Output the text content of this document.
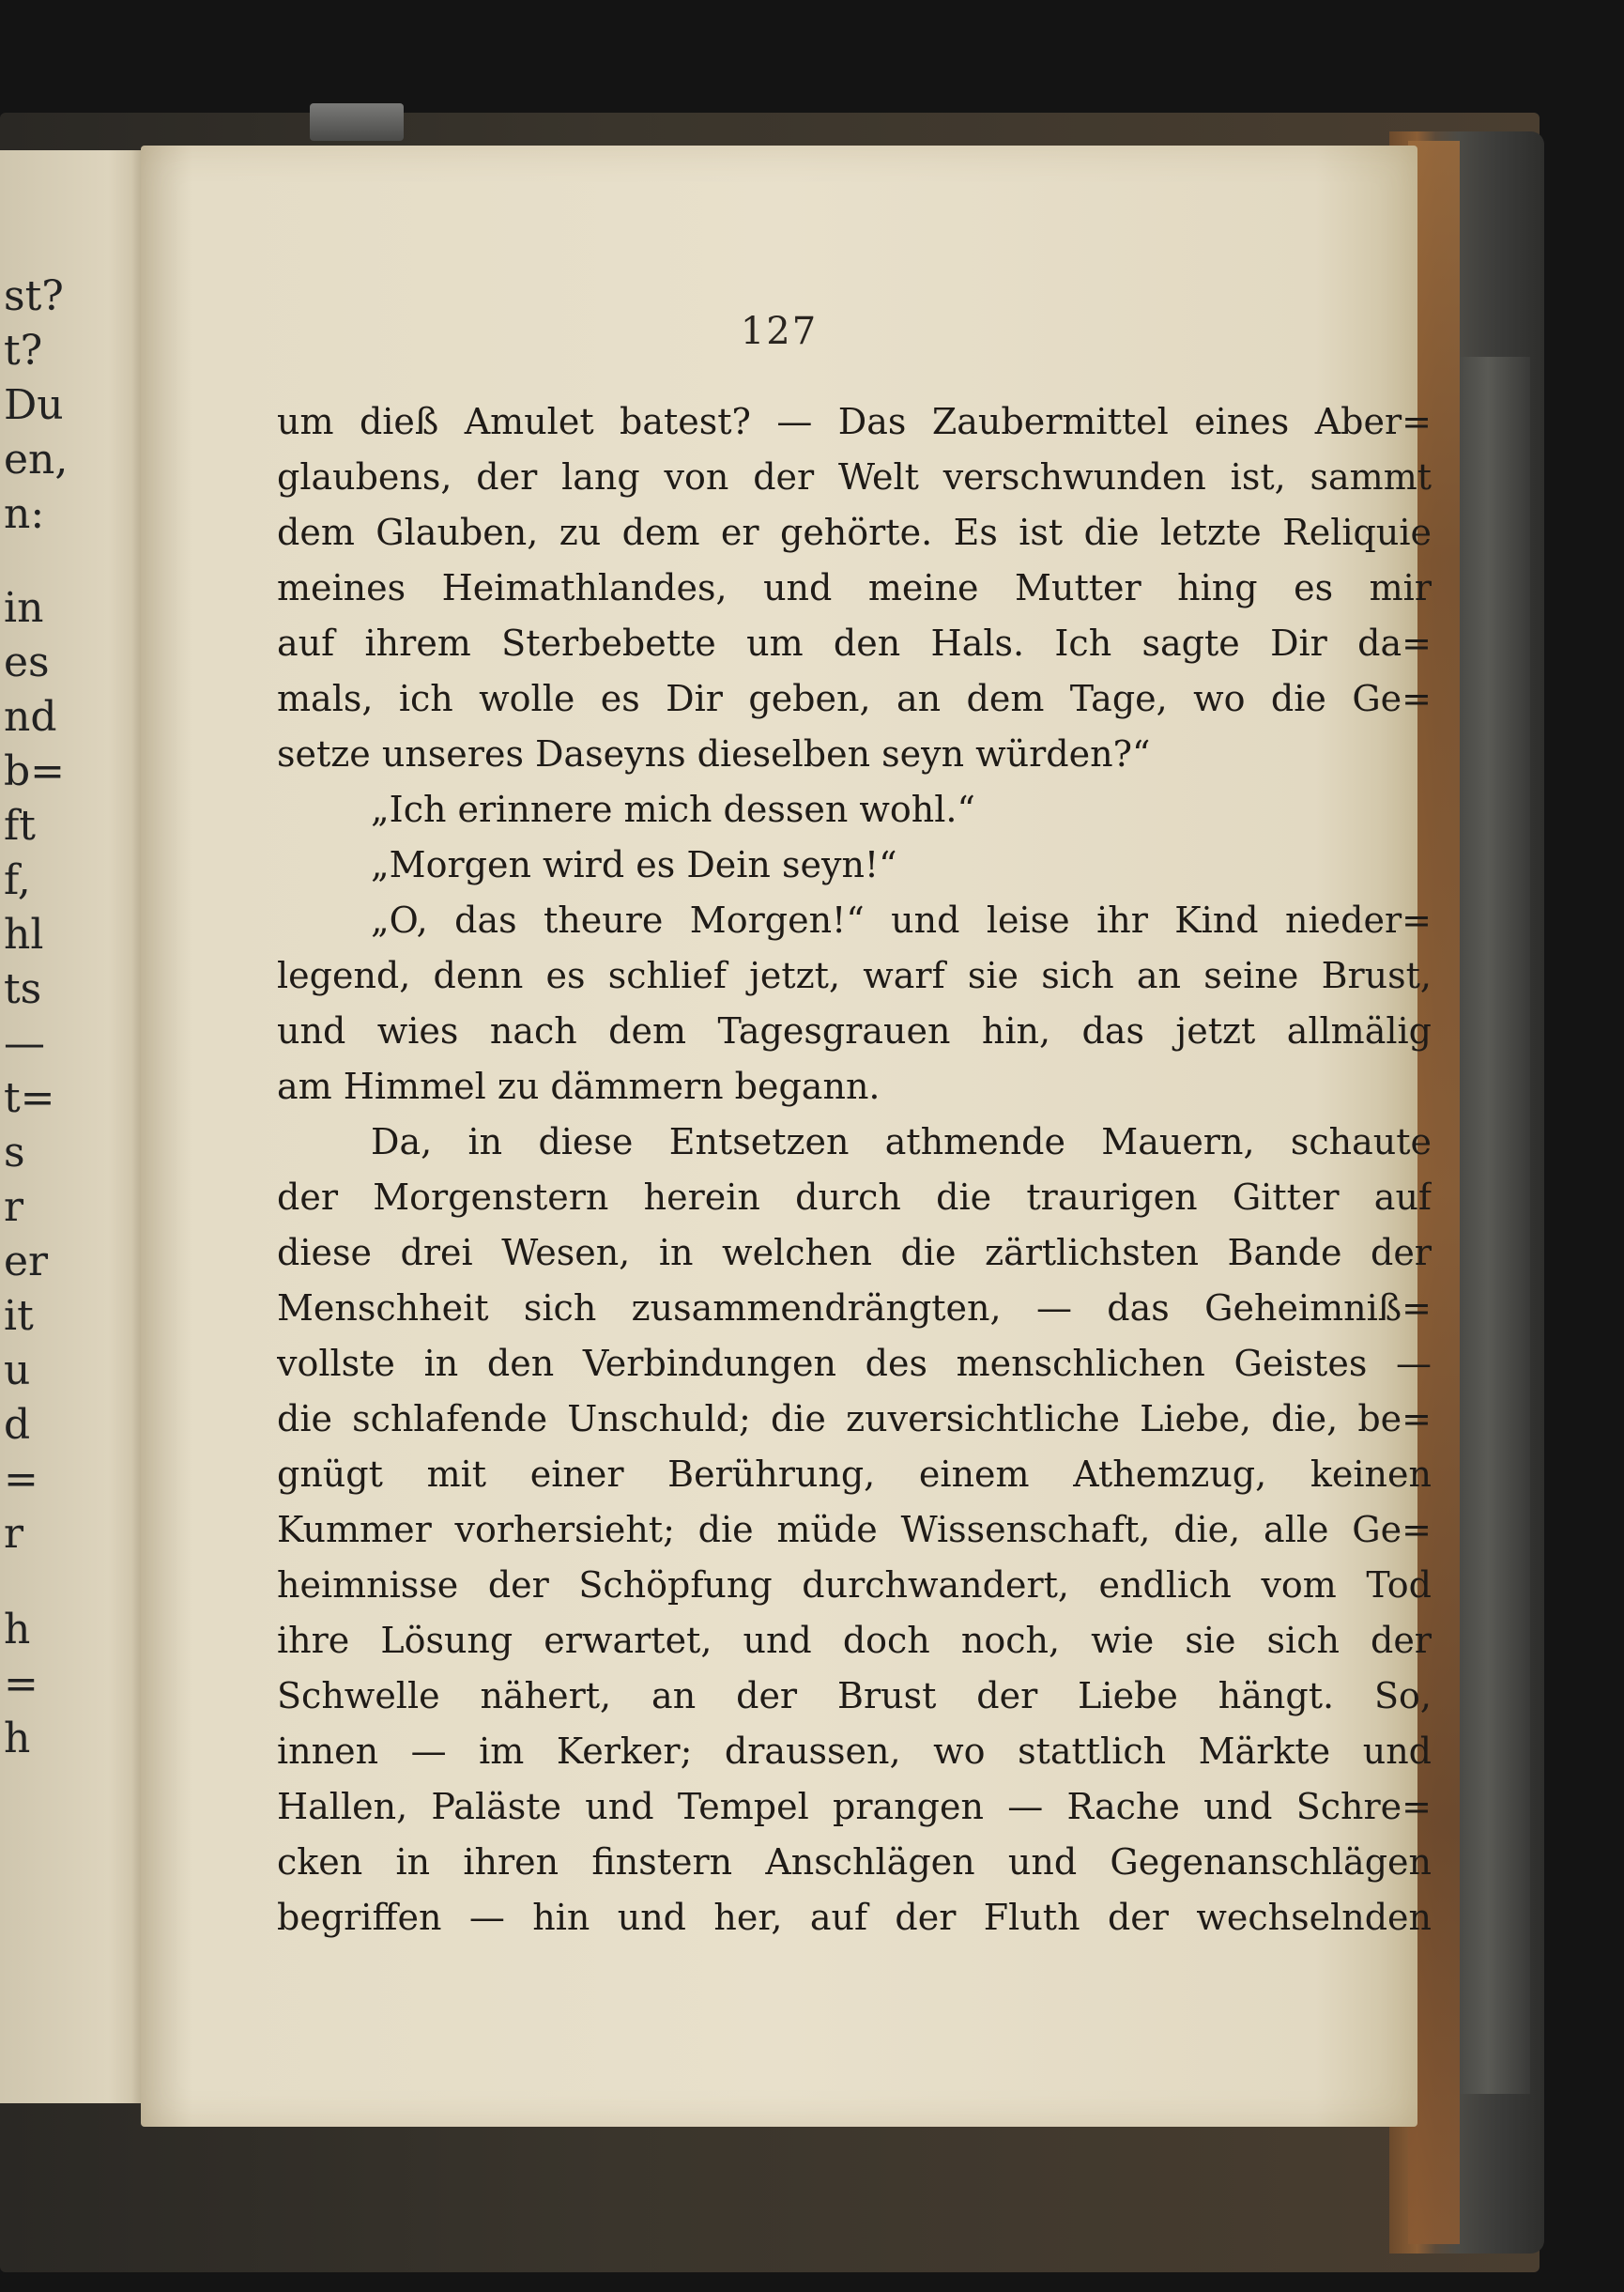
st?
t?
Du
en,
n:
in
es
nd
b=
ft
f,
hl
ts
—
t=
s
r
er
it
u
d
=
r
h
=
h
127
um dieß Amulet batest? — Das Zaubermittel eines Aber=
glaubens, der lang von der Welt verschwunden ist, sammt
dem Glauben, zu dem er gehörte. Es ist die letzte Reliquie
meines Heimathlandes, und meine Mutter hing es mir
auf ihrem Sterbebette um den Hals. Ich sagte Dir da=
mals, ich wolle es Dir geben, an dem Tage, wo die Ge=
setze unseres Daseyns dieselben seyn würden?“
„Ich erinnere mich dessen wohl.“
„Morgen wird es Dein seyn!“
„O, das theure Morgen!“ und leise ihr Kind nieder=
legend, denn es schlief jetzt, warf sie sich an seine Brust,
und wies nach dem Tagesgrauen hin, das jetzt allmälig
am Himmel zu dämmern begann.
Da, in diese Entsetzen athmende Mauern, schaute
der Morgenstern herein durch die traurigen Gitter auf
diese drei Wesen, in welchen die zärtlichsten Bande der
Menschheit sich zusammendrängten, — das Geheimniß=
vollste in den Verbindungen des menschlichen Geistes —
die schlafende Unschuld; die zuversichtliche Liebe, die, be=
gnügt mit einer Berührung, einem Athemzug, keinen
Kummer vorhersieht; die müde Wissenschaft, die, alle Ge=
heimnisse der Schöpfung durchwandert, endlich vom Tod
ihre Lösung erwartet, und doch noch, wie sie sich der
Schwelle nähert, an der Brust der Liebe hängt. So,
innen — im Kerker; draussen, wo stattlich Märkte und
Hallen, Paläste und Tempel prangen — Rache und Schre=
cken in ihren finstern Anschlägen und Gegenanschlägen
begriffen — hin und her, auf der Fluth der wechselnden
